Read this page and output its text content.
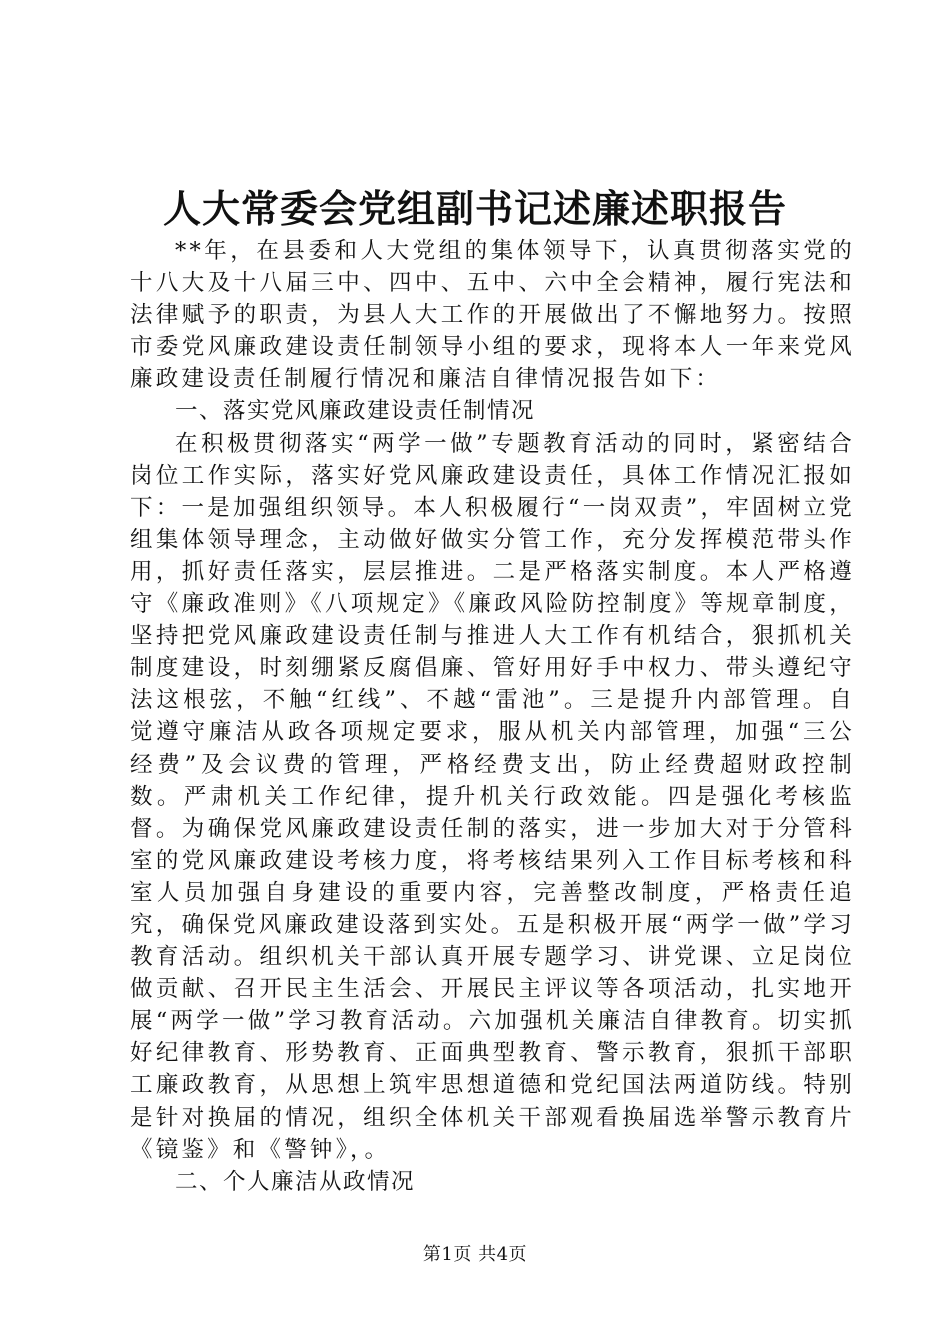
人大常委会党组副书记述廉述职报告

**年，在县委和人大党组的集体领导下，认真贯彻落实党的十八大及十八届三中、四中、五中、六中全会精神，履行宪法和法律赋予的职责，为县人大工作的开展做出了不懈地努力。按照市委党风廉政建设责任制领导小组的要求，现将本人一年来党风廉政建设责任制履行情况和廉洁自律情况报告如下：

一、落实党风廉政建设责任制情况

在积极贯彻落实“两学一做”专题教育活动的同时，紧密结合岗位工作实际，落实好党风廉政建设责任，具体工作情况汇报如下：一是加强组织领导。本人积极履行“一岗双责”，牢固树立党组集体领导理念，主动做好做实分管工作，充分发挥模范带头作用，抓好责任落实，层层推进。二是严格落实制度。本人严格遵守《廉政准则》《八项规定》《廉政风险防控制度》等规章制度，坚持把党风廉政建设责任制与推进人大工作有机结合，狠抓机关制度建设，时刻绷紧反腐倡廉、管好用好手中权力、带头遵纪守法这根弦，不触“红线”、不越“雷池”。三是提升内部管理。自觉遵守廉洁从政各项规定要求，服从机关内部管理，加强“三公经费”及会议费的管理，严格经费支出，防止经费超财政控制数。严肃机关工作纪律，提升机关行政效能。四是强化考核监督。为确保党风廉政建设责任制的落实，进一步加大对于分管科室的党风廉政建设考核力度，将考核结果列入工作目标考核和科室人员加强自身建设的重要内容，完善整改制度，严格责任追究，确保党风廉政建设落到实处。五是积极开展“两学一做”学习教育活动。组织机关干部认真开展专题学习、讲党课、立足岗位做贡献、召开民主生活会、开展民主评议等各项活动，扎实地开展“两学一做”学习教育活动。六加强机关廉洁自律教育。切实抓好纪律教育、形势教育、正面典型教育、警示教育，狠抓干部职工廉政教育，从思想上筑牢思想道德和党纪国法两道防线。特别是针对换届的情况，组织全体机关干部观看换届选举警示教育片《镜鉴》和《警钟》，。

二、个人廉洁从政情况

第1页 共4页
